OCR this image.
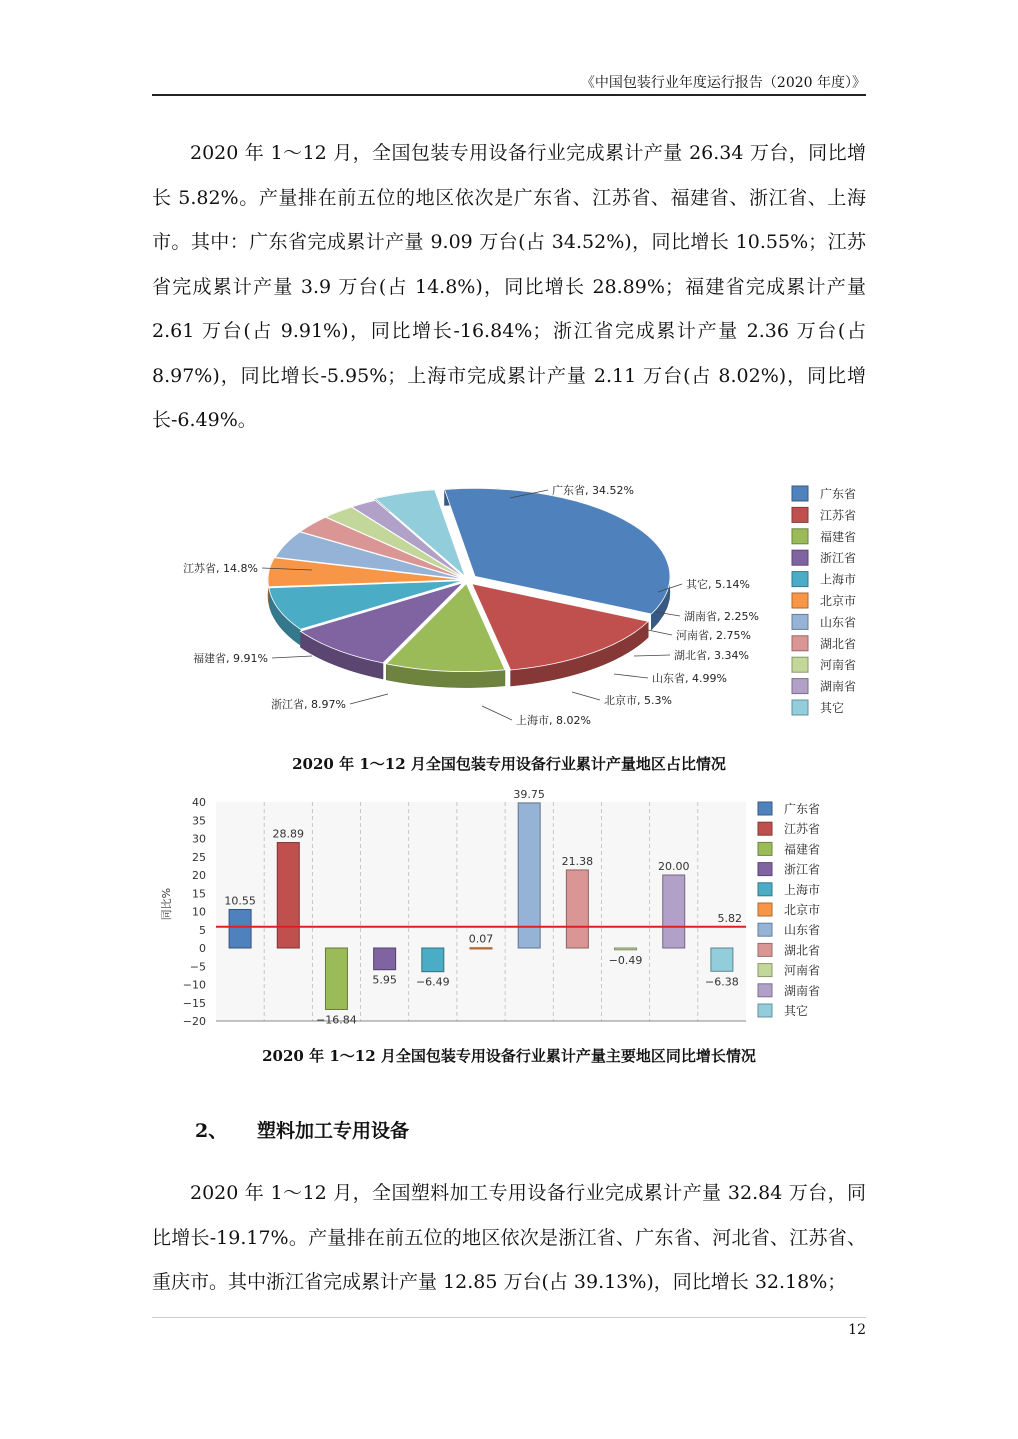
《中国包装行业年度运行报告（2020 年度）》

2020 年 1～12 月，全国包装专用设备行业完成累计产量 26.34 万台，同比增长 5.82%。产量排在前五位的地区依次是广东省、江苏省、福建省、浙江省、上海市。其中：广东省完成累计产量 9.09 万台(占 34.52%)，同比增长 10.55%；江苏省完成累计产量 3.9 万台(占 14.8%)，同比增长 28.89%；福建省完成累计产量 2.61 万台(占 9.91%)，同比增长-16.84%；浙江省完成累计产量 2.36 万台(占 8.97%)，同比增长-5.95%；上海市完成累计产量 2.11 万台(占 8.02%)，同比增长-6.49%。

广东省, 34.52%
江苏省, 14.8%
福建省, 9.91%
浙江省, 8.97%
上海市, 8.02%
北京市, 5.3%
山东省, 4.99%
湖北省, 3.34%
河南省, 2.75%
湖南省, 2.25%
其它, 5.14%
广东省
江苏省
福建省
浙江省
上海市
北京市
山东省
湖北省
河南省
湖南省
其它
2020 年 1～12 月全国包装专用设备行业累计产量地区占比情况
40
35
30
25
20
15
10
5
0
−5
−10
−15
−20
同比%	10.55
28.89
−16.84
5.95 −6.49
0.07
39.75
21.38
−0.49
20.00
−6.38
5.82
广东省
江苏省
福建省
浙江省
上海市
北京市
山东省
湖北省
河南省
湖南省
其它
2020 年 1～12 月全国包装专用设备行业累计产量主要地区同比增长情况
2、 塑料加工专用设备

2020 年 1～12 月，全国塑料加工专用设备行业完成累计产量 32.84 万台，同比增长-19.17%。产量排在前五位的地区依次是浙江省、广东省、河北省、江苏省、重庆市。其中浙江省完成累计产量 12.85 万台(占 39.13%)，同比增长 32.18%；

12
